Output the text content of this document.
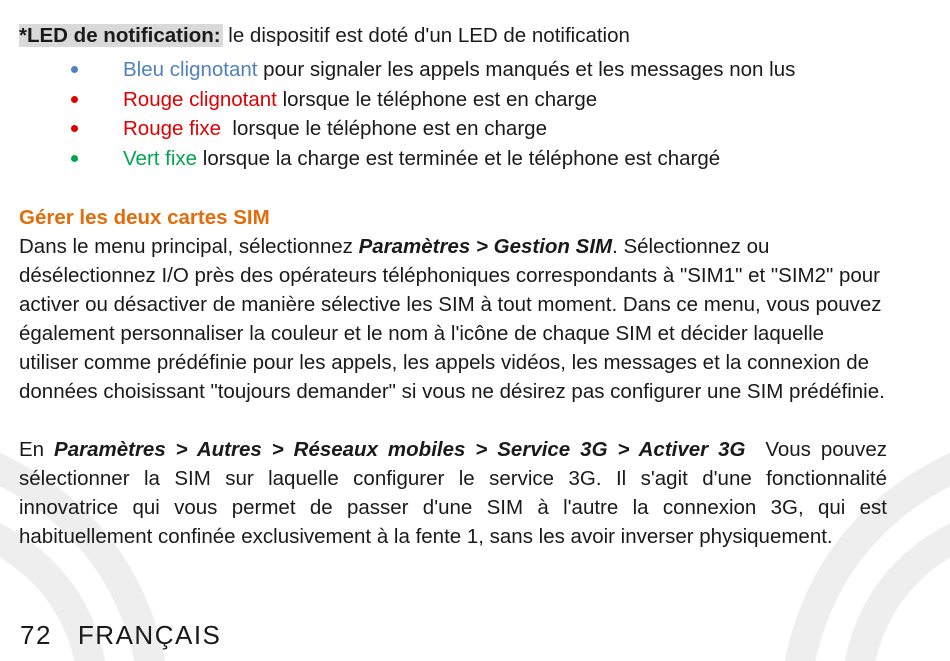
*LED de notification: le dispositif est doté d'un LED de notification

Bleu clignotant pour signaler les appels manqués et les messages non lus
Rouge clignotant lorsque le téléphone est en charge
Rouge fixe  lorsque le téléphone est en charge
Vert fixe lorsque la charge est terminée et le téléphone est chargé
Gérer les deux cartes SIM

Dans le menu principal, sélectionnez Paramètres > Gestion SIM. Sélectionnez ou désélectionnez I/O près des opérateurs téléphoniques correspondants à "SIM1" et "SIM2" pour activer ou désactiver de manière sélective les SIM à tout moment. Dans ce menu, vous pouvez également personnaliser la couleur et le nom à l'icône de chaque SIM et décider laquelle utiliser comme prédéfinie pour les appels, les appels vidéos, les messages et la connexion de données choisissant "toujours demander" si vous ne désirez pas configurer une SIM prédéfinie.

En Paramètres > Autres > Réseaux mobiles > Service 3G > Activer 3G  Vous pouvez sélectionner la SIM sur laquelle configurer le service 3G. Il s'agit d'une fonctionnalité innovatrice qui vous permet de passer d'une SIM à l'autre la connexion 3G, qui est habituellement confinée exclusivement à la fente 1, sans les avoir inverser physiquement.

72 FRANÇAIS
